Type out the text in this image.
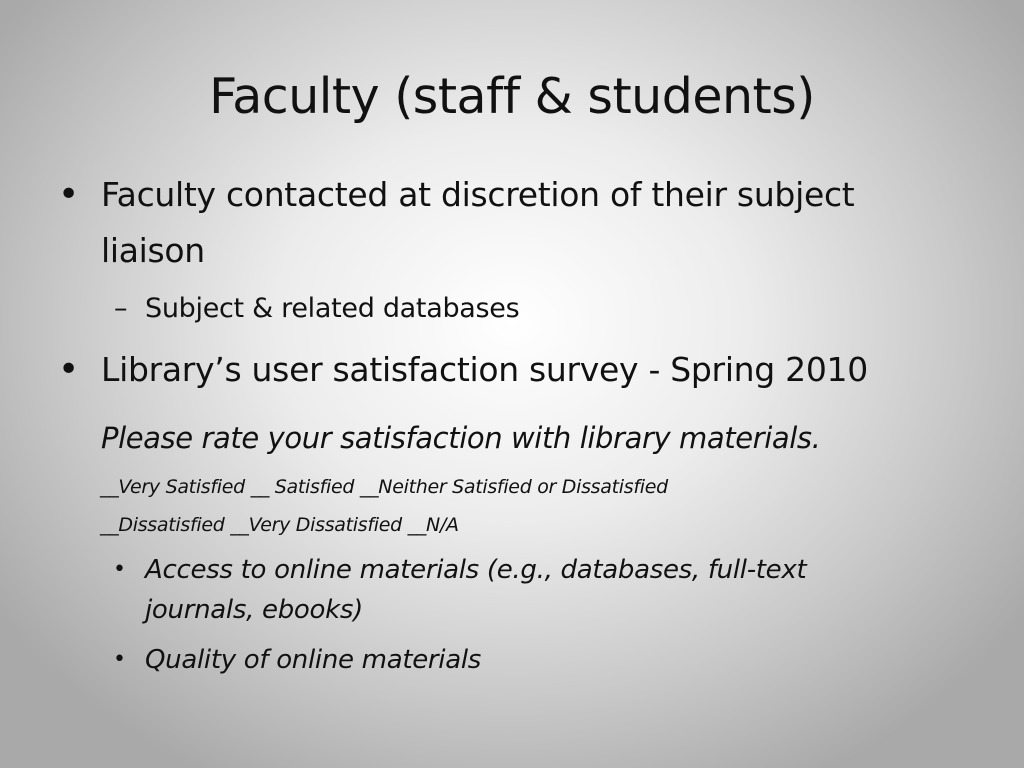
Faculty (staff & students)
• Faculty contacted at discretion of their subject
liaison
– Subject & related databases
• Library’s user satisfaction survey - Spring 2010
Please rate your satisfaction with library materials.
__Very Satisfied __ Satisfied __Neither Satisfied or Dissatisfied
__Dissatisfied __Very Dissatisfied __N/A
• Access to online materials (e.g., databases, full-text
journals, ebooks)
• Quality of online materials
